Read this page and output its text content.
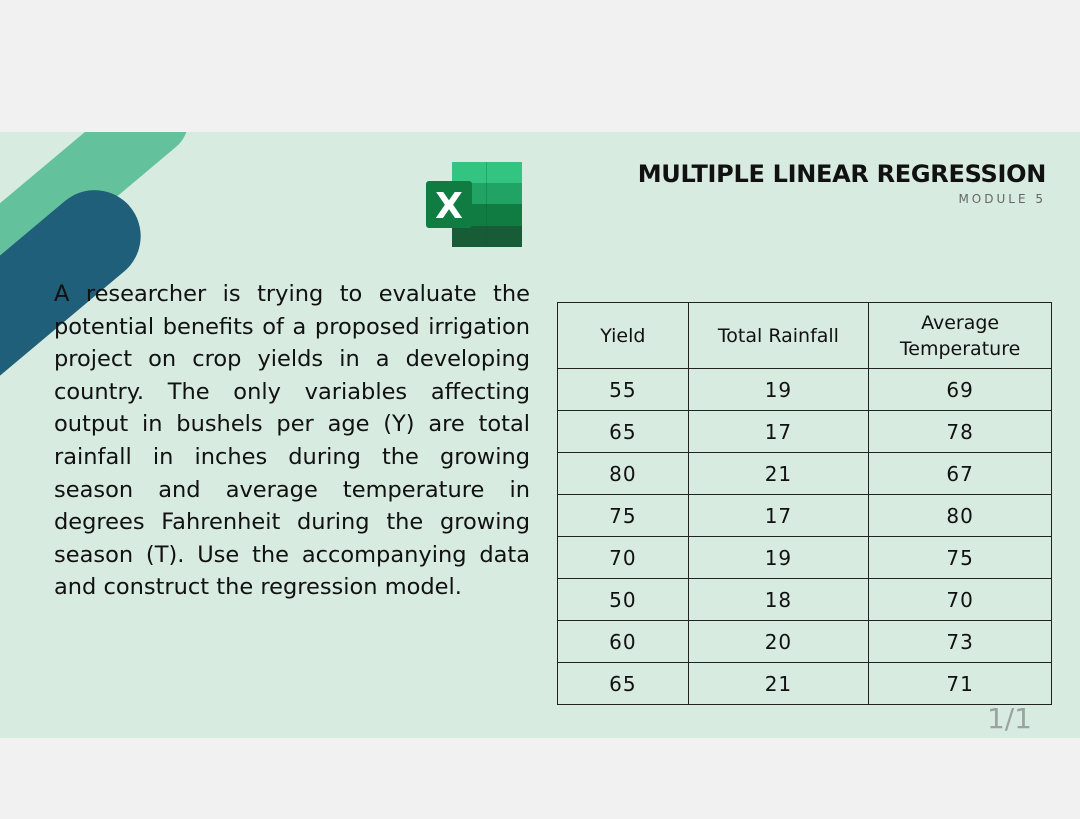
X
MULTIPLE LINEAR REGRESSION
MODULE 5

A researcher is trying to evaluate the potential benefits of a proposed irrigation project on crop yields in a developing country. The only variables affecting output in bushels per age (Y) are total rainfall in inches during the growing season and average temperature in degrees Fahrenheit during the growing season (T). Use the accompanying data and construct the regression model.

Yield	Total Rainfall	Average Temperature
55	19	69
65	17	78
80	21	67
75	17	80
70	19	75
50	18	70
60	20	73
65	21	71
1/1
